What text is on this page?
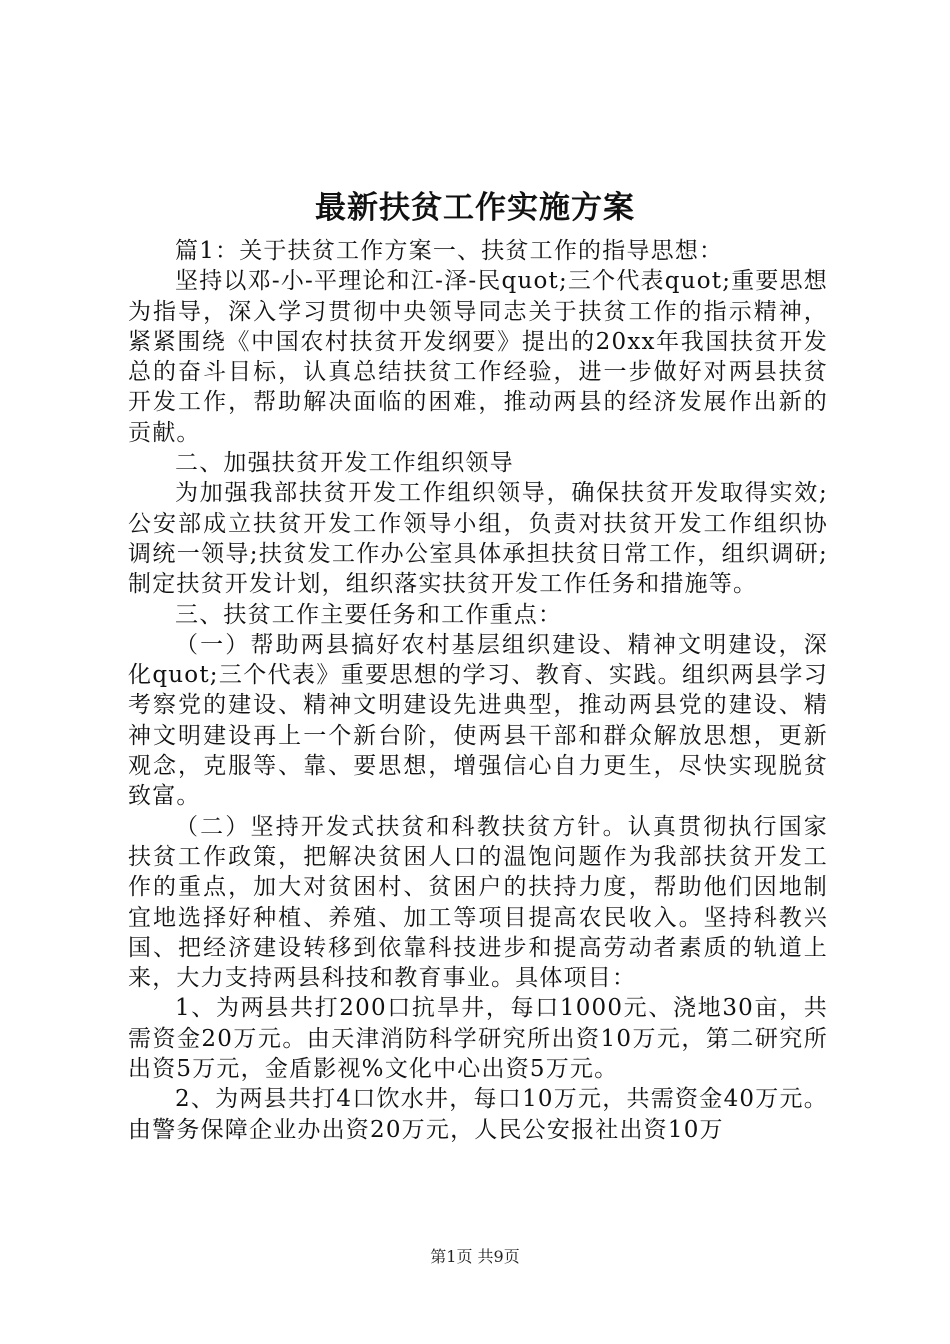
最新扶贫工作实施方案

篇1：关于扶贫工作方案一、扶贫工作的指导思想：

坚持以邓-小-平理论和江-泽-民quot;三个代表quot;重要思想为指导，深入学习贯彻中央领导同志关于扶贫工作的指示精神，紧紧围绕《中国农村扶贫开发纲要》提出的20xx年我国扶贫开发总的奋斗目标，认真总结扶贫工作经验，进一步做好对两县扶贫开发工作，帮助解决面临的困难，推动两县的经济发展作出新的贡献。

二、加强扶贫开发工作组织领导

为加强我部扶贫开发工作组织领导，确保扶贫开发取得实效;公安部成立扶贫开发工作领导小组，负责对扶贫开发工作组织协调统一领导;扶贫发工作办公室具体承担扶贫日常工作，组织调研;制定扶贫开发计划，组织落实扶贫开发工作任务和措施等。

三、扶贫工作主要任务和工作重点：

（一）帮助两县搞好农村基层组织建设、精神文明建设，深化quot;三个代表》重要思想的学习、教育、实践。组织两县学习考察党的建设、精神文明建设先进典型，推动两县党的建设、精神文明建设再上一个新台阶，使两县干部和群众解放思想，更新观念，克服等、靠、要思想，增强信心自力更生，尽快实现脱贫致富。

（二）坚持开发式扶贫和科教扶贫方针。认真贯彻执行国家扶贫工作政策，把解决贫困人口的温饱问题作为我部扶贫开发工作的重点，加大对贫困村、贫困户的扶持力度，帮助他们因地制宜地选择好种植、养殖、加工等项目提高农民收入。坚持科教兴国、把经济建设转移到依靠科技进步和提高劳动者素质的轨道上来，大力支持两县科技和教育事业。具体项目：

1、为两县共打200口抗旱井，每口1000元、浇地30亩，共需资金20万元。由天津消防科学研究所出资10万元，第二研究所出资5万元，金盾影视%文化中心出资5万元。

2、为两县共打4口饮水井，每口10万元，共需资金40万元。由警务保障企业办出资20万元，人民公安报社出资10万

第1页 共9页
